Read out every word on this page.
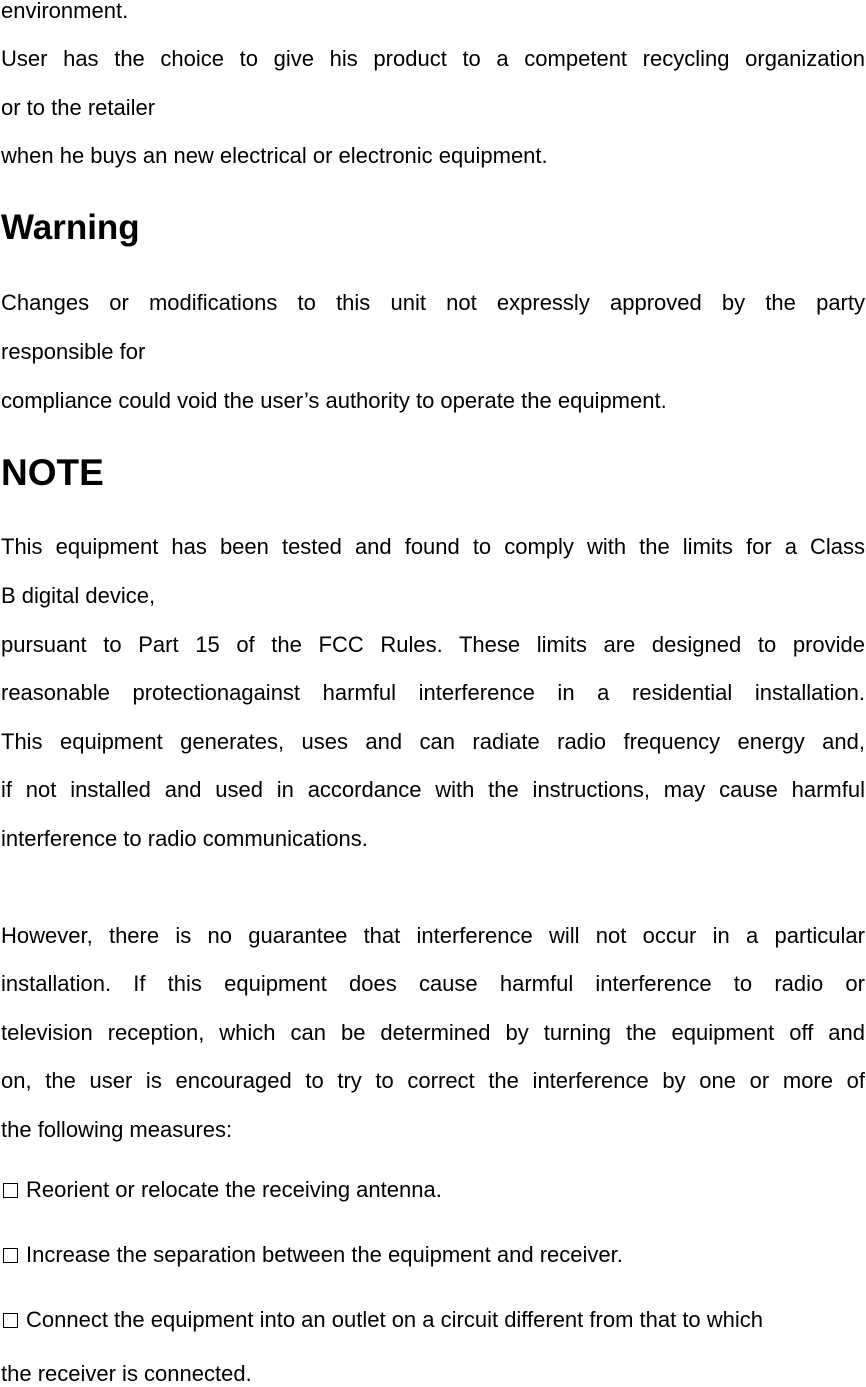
environment.

User has the choice to give his product to a competent recycling organization

or to the retailer

when he buys an new electrical or electronic equipment.

Warning

Changes or modifications to this unit not expressly approved by the party

responsible for

compliance could void the user’s authority to operate the equipment.

NOTE

This equipment has been tested and found to comply with the limits for a Class

B digital device,

pursuant to Part 15 of the FCC Rules. These limits are designed to provide

reasonable protectionagainst harmful interference in a residential installation.

This equipment generates, uses and can radiate radio frequency energy and,

if not installed and used in accordance with the instructions, may cause harmful

interference to radio communications.

However, there is no guarantee that interference will not occur in a particular

installation. If this equipment does cause harmful interference to radio or

television reception, which can be determined by turning the equipment off and

on, the user is encouraged to try to correct the interference by one or more of

the following measures:

Reorient or relocate the receiving antenna.

Increase the separation between the equipment and receiver.

Connect the equipment into an outlet on a circuit different from that to which

the receiver is connected.
